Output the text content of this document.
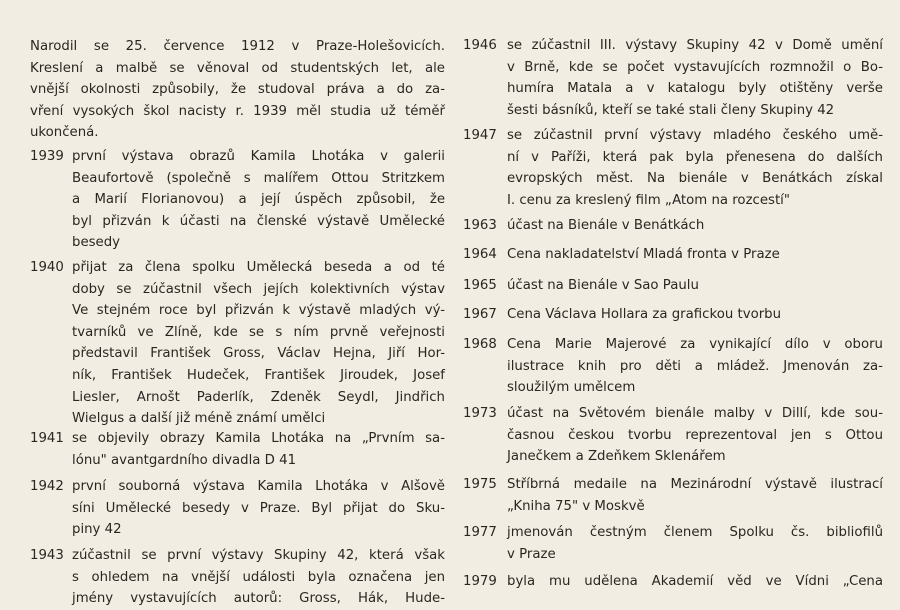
Narodil se 25. července 1912 v Praze-Holešovicích.
Kreslení a malbě se věnoval od studentských let, ale
vnější okolnosti způsobily, že studoval práva a do za-
vření vysokých škol nacisty r. 1939 měl studia už téměř
ukončená.
1939 první výstava obrazů Kamila Lhotáka v galerii
Beaufortově (společně s malířem Ottou Stritzkem
a Marií Florianovou) a její úspěch způsobil, že
byl přizván k účasti na členské výstavě Umělecké
besedy
1940 přijat za člena spolku Umělecká beseda a od té
doby se zúčastnil všech jejích kolektivních výstav
Ve stejném roce byl přizván k výstavě mladých vý-
tvarníků ve Zlíně, kde se s ním prvně veřejnosti
představil František Gross, Václav Hejna, Jiří Hor-
ník, František Hudeček, František Jiroudek, Josef
Liesler, Arnošt Paderlík, Zdeněk Seydl, Jindřich
Wielgus a další již méně známí umělci
1941 se objevily obrazy Kamila Lhotáka na „Prvním sa-
lónu" avantgardního divadla D 41
1942 první souborná výstava Kamila Lhotáka v Alšově
síni Umělecké besedy v Praze. Byl přijat do Sku-
piny 42
1943 zúčastnil se první výstavy Skupiny 42, která však
s ohledem na vnější události byla označena jen
jmény vystavujících autorů: Gross, Hák, Hude-
1946 se zúčastnil III. výstavy Skupiny 42 v Domě umění
v Brně, kde se počet vystavujících rozmnožil o Bo-
humíra Matala a v katalogu byly otištěny verše
šesti básníků, kteří se také stali členy Skupiny 42
1947 se zúčastnil první výstavy mladého českého umě-
ní v Paříži, která pak byla přenesena do dalších
evropských měst. Na bienále v Benátkách získal
I. cenu za kreslený film „Atom na rozcestí"
1963 účast na Bienále v Benátkách
1964 Cena nakladatelství Mladá fronta v Praze
1965 účast na Bienále v Sao Paulu
1967 Cena Václava Hollara za grafickou tvorbu
1968 Cena Marie Majerové za vynikající dílo v oboru
ilustrace knih pro děti a mládež. Jmenován za-
sloužilým umělcem
1973 účast na Světovém bienále malby v Dillí, kde sou-
časnou českou tvorbu reprezentoval jen s Ottou
Janečkem a Zdeňkem Sklenářem
1975 Stříbrná medaile na Mezinárodní výstavě ilustrací
„Kniha 75" v Moskvě
1977 jmenován čestným členem Spolku čs. bibliofilů
v Praze
1979 byla mu udělena Akademií věd ve Vídni „Cena
